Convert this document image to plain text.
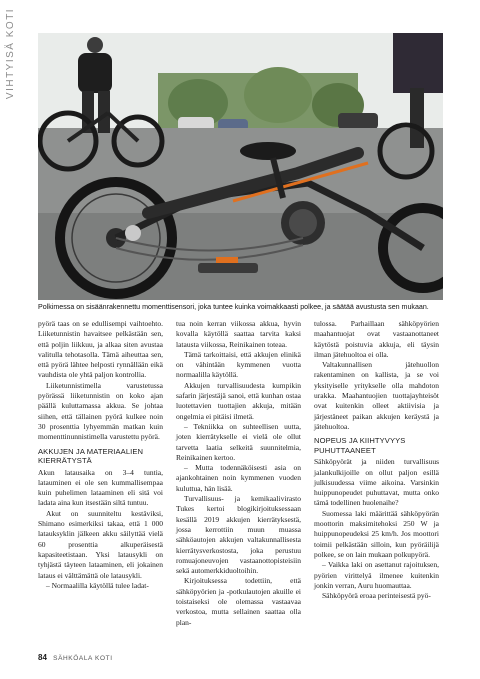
VIHTYISÄ KOTI
Polkimessa on sisäänrakennettu momenttisensori, joka tuntee kuinka voimakkaasti polkee, ja säätää avustusta sen mukaan.

pyörä taas on se edullisempi vaihtoehto. Liiketunnistin havaitsee pelkästään sen, että poljin liikkuu, ja alkaa siten avustaa valitulla tehotasolla. Tämä aiheuttaa sen, että pyörä lähtee helposti rynnällään eikä vauhdista ole yhtä paljon kontrollia.

Liiketunnistimella varustetussa pyörässä liiketunnistin on koko ajan päällä kuluttamassa akkua. Se johtaa siihen, että tällainen pyörä kulkee noin 30 prosenttia lyhyemmän matkan kuin momenttinunnistimella varustettu pyörä.

AKKUJEN JA MATERIAALIEN KIERRÄTYSTÄ

Akun latausaika on 3–4 tuntia, latauminen ei ole sen kummallisempaa kuin puhelimen lataaminen eli sitä voi ladata aina kun itsestään siltä tuntuu.

Akut on suunniteltu kestäviksi, Shimano esimerkiksi takaa, että 1 000 latauksyklin jälkeen akku säilyttää vielä 60 prosenttia alkuperäisestä kapasiteetistaan. Yksi latausykli on tyhjästä täyteen lataaminen, eli jokainen lataus ei välttämättä ole latausykli.

– Normaalilla käytöllä tulee ladat-

tua noin kerran viikossa akkua, hyvin kovalla käytöllä saattaa tarvita kaksi latausta viikossa, Reinikainen toteaa.

Tämä tarkoittaisi, että akkujen elinikä on vähintään kymmenen vuotta normaalilla käytöllä.

Akkujen turvallisuudesta kumpikin safarin järjestäjä sanoi, että kunhan ostaa luotettavien tuottajien akkuja, mitään ongelmia ei pitäisi ilmetä.

– Tekniikka on suhteellisen uutta, joten kierrätykselle ei vielä ole ollut tarvetta laatia selkeitä suunnitelmia, Reinikainen kertoo.

– Mutta todennäköisesti asia on ajankohtainen noin kymmenen vuoden kuluttua, hän lisää.

Turvallisuus- ja kemikaalivirasto Tukes kertoi blogikirjoituksessaan kesällä 2019 akkujen kierrätyksestä, jossa kerrottiin muun muassa sähköautojen akkujen valtakunnallisesta kierrätysverkostosta, joka perustuu romuajoneuvojen vastaanottopisteisiin sekä automerkkiduoltoihin.

Kirjoituksessa todettiin, että sähköpyörien ja -potkulautojen akuille ei toistaiseksi ole olemassa vastaavaa verkostoa, mutta sellainen saattaa olla plan-

tulossa. Parhaillaan sähköpyörien maahantuojat ovat vastaanottaneet käytöstä poistuvia akkuja, eli täysin ilman jätehuoltoa ei olla.

Valtakunnallisen jätehuollon rakentaminen on kallista, ja se voi yksityiselle yritykselle olla mahdoton urakka. Maahantuojien tuottajayhteisöt ovat kuitenkin olleet aktiivisia ja järjestäneet paikan akkujen keräystä ja jätehuoltoa.

NOPEUS JA KIIHTYVYYS PUHUTTAANEET

Sähköpyörät ja niiden turvallisuus jalankulkijoille on ollut paljon esillä julkisuudessa viime aikoina. Varsinkin huippunopeudet puhuttavat, mutta onko tämä todellinen huolenaihe?

Suomessa laki määrittää sähköpyörän moottorin maksimitehoksi 250 W ja huippunopeudeksi 25 km/h. Jos moottori toimii pelkästään silloin, kun pyöräilijä polkee, se on lain mukaan polkupyörä.

– Vaikka laki on asettanut rajoituksen, pyörien virittelyä ilmenee kuitenkin jonkin verran, Auru huomauttaa.

Sähköpyörä eroaa perinteisestä pyö-

84 SÄHKÖALA KOTI
